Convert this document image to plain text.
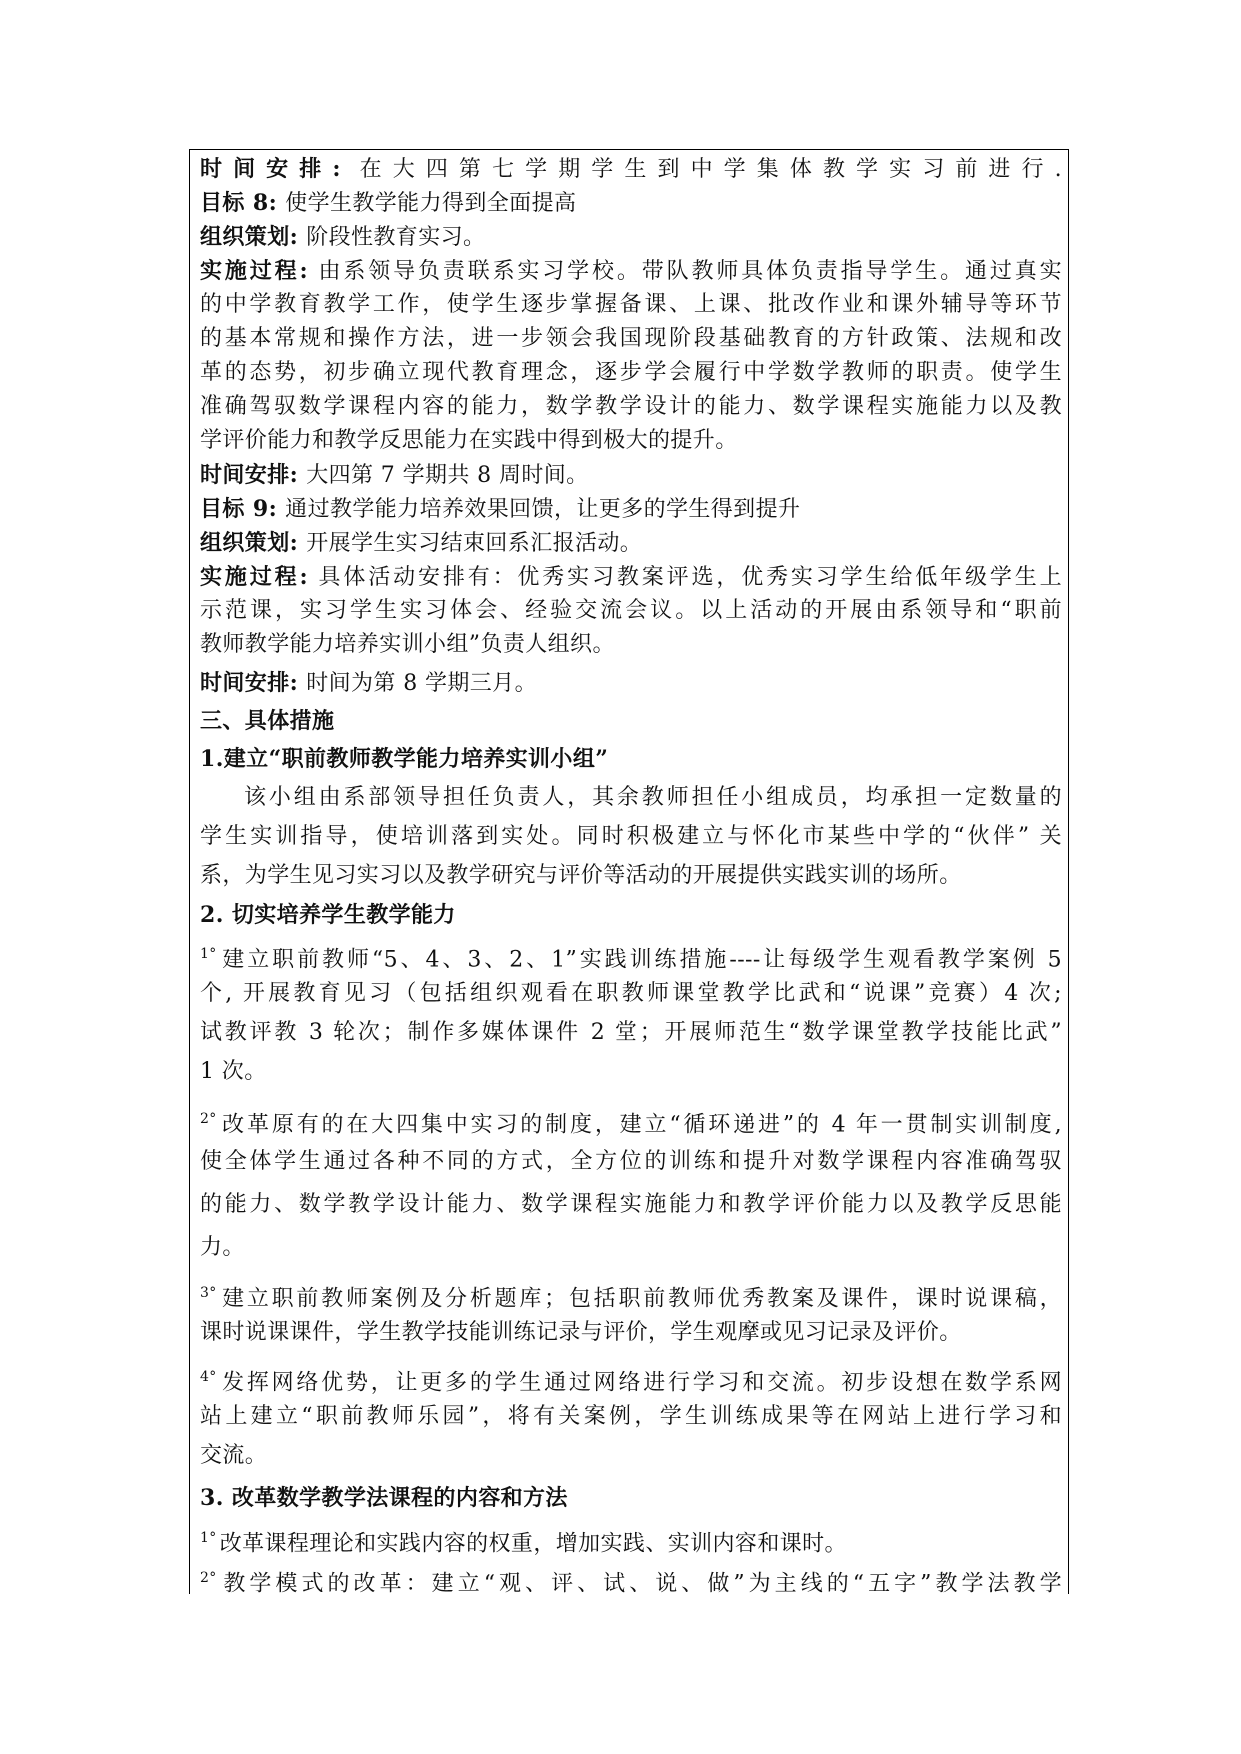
时间安排: 在大四第七学期学生到中学集体教学实习前进行.
目标 8: 使学生教学能力得到全面提高
组织策划: 阶段性教育实习。
实施过程: 由系领导负责联系实习学校。带队教师具体负责指导学生。通过真实
的中学教育教学工作，使学生逐步掌握备课、上课、批改作业和课外辅导等环节
的基本常规和操作方法，进一步领会我国现阶段基础教育的方针政策、法规和改
革的态势，初步确立现代教育理念，逐步学会履行中学数学教师的职责。使学生
准确驾驭数学课程内容的能力，数学教学设计的能力、数学课程实施能力以及教
学评价能力和教学反思能力在实践中得到极大的提升。
时间安排: 大四第 7 学期共 8 周时间。
目标 9: 通过教学能力培养效果回馈，让更多的学生得到提升
组织策划: 开展学生实习结束回系汇报活动。
实施过程: 具体活动安排有：优秀实习教案评选，优秀实习学生给低年级学生上
示范课，实习学生实习体会、经验交流会议。以上活动的开展由系领导和“职前
教师教学能力培养实训小组”负责人组织。
时间安排: 时间为第 8 学期三月。
三、具体措施
1.建立“职前教师教学能力培养实训小组”
该小组由系部领导担任负责人，其余教师担任小组成员，均承担一定数量的
学生实训指导，使培训落到实处。同时积极建立与怀化市某些中学的“伙伴” 关
系，为学生见习实习以及教学研究与评价等活动的开展提供实践实训的场所。
2. 切实培养学生教学能力
$^{1^\circ}$ 建立职前教师“5、4、3、2、1”实践训练措施----让每级学生观看教学案例 5
个, 开展教育见习（包括组织观看在职教师课堂教学比武和“说课”竞赛）4 次;
试教评教 3 轮次；制作多媒体课件 2 堂；开展师范生“数学课堂教学技能比武”
1 次。
$^{2^\circ}$ 改革原有的在大四集中实习的制度，建立“循环递进”的 4 年一贯制实训制度,
使全体学生通过各种不同的方式，全方位的训练和提升对数学课程内容准确驾驭
的能力、数学教学设计能力、数学课程实施能力和教学评价能力以及教学反思能
力。
$^{3^\circ}$ 建立职前教师案例及分析题库；包括职前教师优秀教案及课件，课时说课稿，
课时说课课件，学生教学技能训练记录与评价，学生观摩或见习记录及评价。
$^{4^\circ}$ 发挥网络优势，让更多的学生通过网络进行学习和交流。初步设想在数学系网
站上建立“职前教师乐园”，将有关案例，学生训练成果等在网站上进行学习和
交流。
3. 改革数学教学法课程的内容和方法
$^{1^\circ}$ 改革课程理论和实践内容的权重，增加实践、实训内容和课时。
$^{2^\circ}$ 教学模式的改革：建立“观、评、试、说、做”为主线的“五字”教学法教学
